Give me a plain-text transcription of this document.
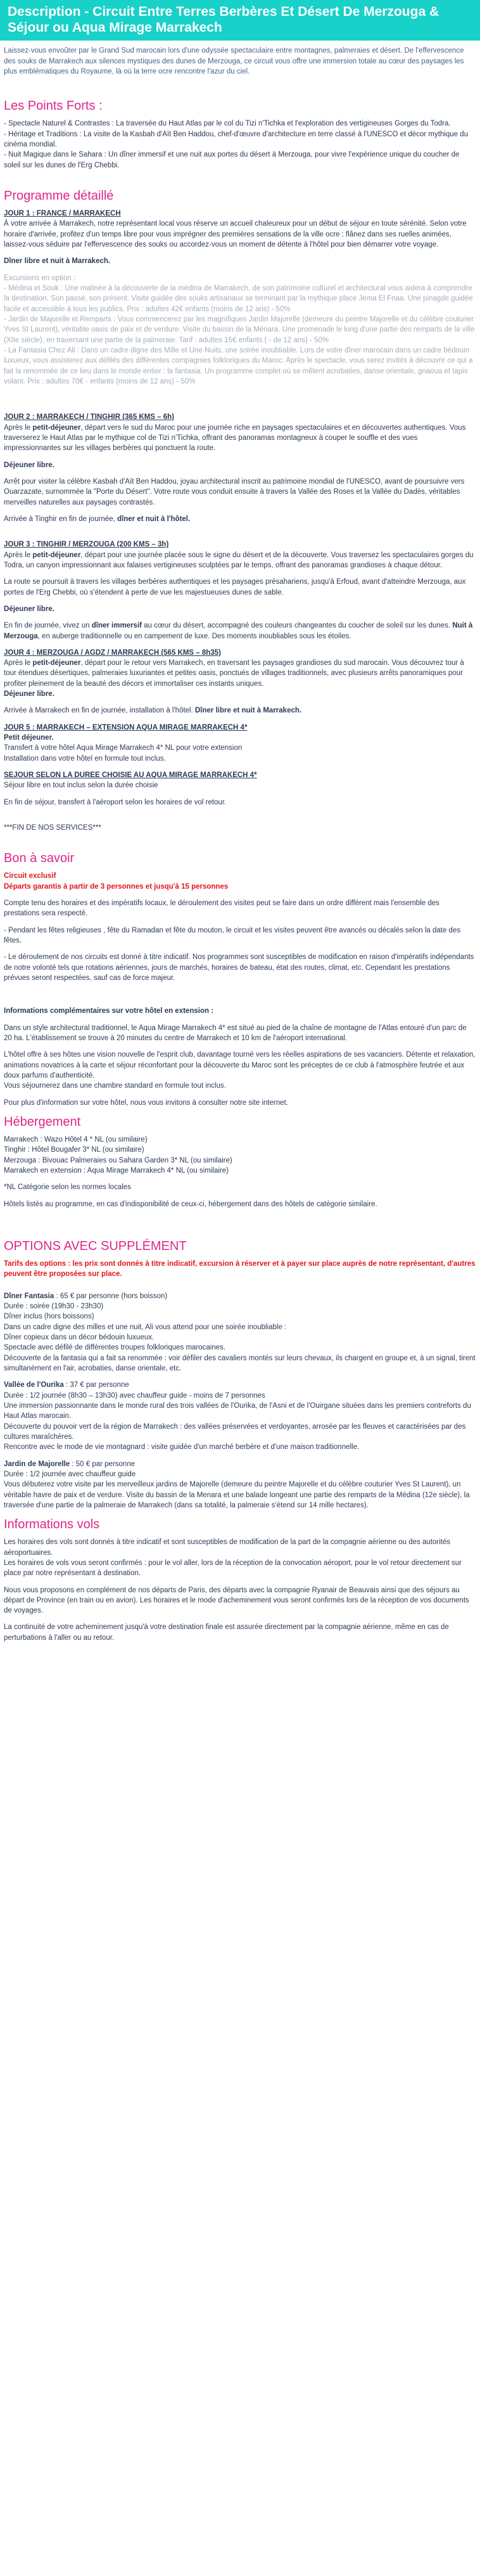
Description - Circuit Entre Terres Berbères Et Désert De Merzouga & Séjour ou Aqua Mirage Marrakech

Laissez-vous envoûter par le Grand Sud marocain lors d'une odyssée spectaculaire entre montagnes, palmeraies et désert. De l'effervescence des souks de Marrakech aux silences mystiques des dunes de Merzouga, ce circuit vous offre une immersion totale au cœur des paysages les plus emblématiques du Royaume, là où la terre ocre rencontre l'azur du ciel.

Les Points Forts :

- Spectacle Naturel & Contrastes : La traversée du Haut Atlas par le col du Tizi n'Tichka et l'exploration des vertigineuses Gorges du Todra.
- Héritage et Traditions : La visite de la Kasbah d'Aït Ben Haddou, chef-d'œuvre d'architecture en terre classé à l'UNESCO et décor mythique du cinéma mondial.
- Nuit Magique dans le Sahara : Un dîner immersif et une nuit aux portes du désert à Merzouga, pour vivre l'expérience unique du coucher de soleil sur les dunes de l'Erg Chebbi.

Programme détaillé
JOUR 1 : FRANCE / MARRAKECH

À votre arrivée à Marrakech, notre représentant local vous réserve un accueil chaleureux pour un début de séjour en toute sérénité. Selon votre horaire d'arrivée, profitez d'un temps libre pour vous imprégner des premières sensations de la ville ocre : flânez dans ses ruelles animées, laissez-vous séduire par l'effervescence des souks ou accordez-vous un moment de détente à l'hôtel pour bien démarrer votre voyage.

Dîner libre et nuit à Marrakech.

Excursions en option :
- Médina et Souk : Une matinée à la découverte de la médina de Marrakech, de son patrimoine culturel et architectural vous aidera à comprendre la destination. Son passé, son présent. Visite guidée des souks artisanaux se terminant par la mythique place Jema El Fnaa. Une pinagde guidée facile et accessible à tous les publics. Prix : adultes 42€ enfants (moins de 12 ans) - 50%
- Jardin de Majorelle et Remparts : Vous commencerez par les magnifiques Jardin Majorelle (demeure du peintre Majorelle et du célèbre couturier Yves St Laurent), véritable oasis de paix et de verdure. Visite du bassin de la Ménara. Une promenade le long d'une partie des remparts de la ville (XIIe siècle), en traversant une partie de la palmeraie. Tarif : adultes 15€ enfants ( - de 12 ans) - 50%
- La Fantasia Chez Ali : Dans un cadre digne des Mille et Une Nuits, une soirée inoubliable. Lors de votre dîner marocain dans un cadre bédouin luxueux, vous assisterez aux défilés des différentes compagnies folkloriques du Maroc. Après le spectacle, vous serez invités à découvrir ce qui a fait la renommée de ce lieu dans le monde entier : la fantasia. Un programme complet où se mêlent acrobaties, danse orientale, gnaoua et tapis volant. Prix : adultes 70€ - enfants (moins de 12 ans) - 50%
JOUR 2 : MARRAKECH / TINGHIR (365 KMS – 6h)

Après le petit-déjeuner, départ vers le sud du Maroc pour une journée riche en paysages spectaculaires et en découvertes authentiques. Vous traverserez le Haut Atlas par le mythique col de Tizi n'Tichka, offrant des panoramas montagneux à couper le souffle et des vues impressionnantes sur les villages berbères qui ponctuent la route.

Déjeuner libre.

Arrêt pour visiter la célèbre Kasbah d'Aït Ben Haddou, joyau architectural inscrit au patrimoine mondial de l'UNESCO, avant de poursuivre vers Ouarzazate, surnommée la "Porte du Désert". Votre route vous conduit ensuite à travers la Vallée des Roses et la Vallée du Dadès, véritables merveilles naturelles aux paysages contrastés.

Arrivée à Tinghir en fin de journée, dîner et nuit à l'hôtel.

JOUR 3 : TINGHIR / MERZOUGA (200 KMS – 3h)

Après le petit-déjeuner, départ pour une journée placée sous le signe du désert et de la découverte. Vous traversez les spectaculaires gorges du Todra, un canyon impressionnant aux falaises vertigineuses sculptées par le temps, offrant des panoramas grandioses à chaque détour.

La route se poursuit à travers les villages berbères authentiques et les paysages présahariens, jusqu'à Erfoud, avant d'atteindre Merzouga, aux portes de l'Erg Chebbi, où s'étendent à perte de vue les majestueuses dunes de sable.

Déjeuner libre.

En fin de journée, vivez un dîner immersif au cœur du désert, accompagné des couleurs changeantes du coucher de soleil sur les dunes. Nuit à Merzouga, en auberge traditionnelle ou en campement de luxe. Des moments inoubliables sous les étoiles.

JOUR 4 : MERZOUGA / AGDZ / MARRAKECH (565 KMS – 8h35)

Après le petit-déjeuner, départ pour le retour vers Marrakech, en traversant les paysages grandioses du sud marocain. Vous découvrez tour à tour étendues désertiques, palmeraies luxuriantes et petites oasis, ponctués de villages traditionnels, avec plusieurs arrêts panoramiques pour profiter pleinement de la beauté des décors et immortaliser ces instants uniques.

Déjeuner libre.

Arrivée à Marrakech en fin de journée, installation à l'hôtel. Dîner libre et nuit à Marrakech.

JOUR 5 : MARRAKECH – EXTENSION AQUA MIRAGE MARRAKECH 4*
Petit déjeuner.

Transfert à votre hôtel Aqua Mirage Marrakech 4* NL pour votre extension
Installation dans votre hôtel en formule tout inclus.

SEJOUR SELON LA DUREE CHOISIE AU AQUA MIRAGE MARRAKECH 4*

Séjour libre en tout inclus selon la durée choisie

En fin de séjour, transfert à l'aéroport selon les horaires de vol retour.

***FIN DE NOS SERVICES***

Bon à savoir
Circuit exclusif

Départs garantis à partir de 3 personnes et jusqu'à 15 personnes

Compte tenu des horaires et des impératifs locaux, le déroulement des visites peut se faire dans un ordre différent mais l'ensemble des prestations sera respecté.

- Pendant les fêtes religieuses , fête du Ramadan et fête du mouton, le circuit et les visites peuvent être avancés ou décalés selon la date des fêtes.

- Le déroulement de nos circuits est donné à titre indicatif. Nos programmes sont susceptibles de modification en raison d'impératifs indépendants de notre volonté tels que rotations aériennes, jours de marchés, horaires de bateau, état des routes, climat, etc. Cependant les prestations prévues seront respectées, sauf cas de force majeur.

Informations complémentaires sur votre hôtel en extension :

Dans un style architectural traditionnel, le Aqua Mirage Marrakech 4* est situé au pied de la chaîne de montagne de l'Atlas entouré d'un parc de 20 ha. L'établissement se trouve à 20 minutes du centre de Marrakech et 10 km de l'aéroport international.

L'hôtel offre à ses hôtes une vision nouvelle de l'esprit club, davantage tourné vers les réelles aspirations de ses vacanciers. Détente et relaxation, animations novatrices à la carte et séjour réconfortant pour la découverte du Maroc sont les préceptes de ce club à l'atmosphère feutrée et aux doux parfums d'authenticité.
Vous séjournerez dans une chambre standard en formule tout inclus.

Pour plus d'information sur votre hôtel, nous vous invitons à consulter notre site internet.

Hébergement

Marrakech : Wazo Hôtel 4 * NL (ou similaire)
Tinghir : Hôtel Bougafer 3* NL (ou similaire)
Merzouga : Bivouac Palmeraies ou Sahara Garden 3* NL (ou similaire)
Marrakech en extension : Aqua Mirage Marrakech 4* NL (ou similaire)

*NL Catégorie selon les normes locales

Hôtels listés au programme, en cas d'indisponibilité de ceux-ci, hébergement dans des hôtels de catégorie similaire.

OPTIONS AVEC SUPPLÉMENT

Tarifs des options : les prix sont donnés à titre indicatif, excursion à réserver et à payer sur place auprès de notre représentant, d'autres peuvent être proposées sur place.

Dîner Fantasia : 65 € par personne (hors boisson)

Durée : soirée (19h30 - 23h30)
Dîner inclus (hors boissons)
Dans un cadre digne des milles et une nuit, Ali vous attend pour une soirée inoubliable :
Dîner copieux dans un décor bédouin luxueux.
Spectacle avec défilé de différentes troupes folkloriques marocaines.
Découverte de la fantasia qui a fait sa renommée : voir défiler des cavaliers montés sur leurs chevaux, ils chargent en groupe et, à un signal, tirent simultanément en l'air, acrobaties, danse orientale, etc.

Vallée de l'Ourika : 37 € par personne

Durée : 1/2 journée (8h30 – 13h30) avec chauffeur guide - moins de 7 personnes
Une immersion passionnante dans le monde rural des trois vallées de l'Ourika, de l'Asni et de l'Ouirgane situées dans les premiers contreforts du Haut Atlas marocain.
Découverte du pouvoir vert de la région de Marrakech : des vallées préservées et verdoyantes, arrosée par les fleuves et caractérisées par des cultures maraîchères.
Rencontre avec le mode de vie montagnard : visite guidée d'un marché berbère et d'une maison traditionnelle.

Jardin de Majorelle : 50 € par personne

Durée : 1/2 journée avec chauffeur guide
Vous débuterez votre visite par les merveilleux jardins de Majorelle (demeure du peintre Majorelle et du célèbre couturier Yves St Laurent), un véritable havre de paix et de verdure. Visite du bassin de la Menara et une balade longeant une partie des remparts de la Médina (12e siècle), la traversée d'une partie de la palmeraie de Marrakech (dans sa totalité, la palmeraie s'étend sur 14 mille hectares).

Informations vols

Les horaires des vols sont donnés à titre indicatif et sont susceptibles de modification de la part de la compagnie aérienne ou des autorités aéroportuaires.
Les horaires de vols vous seront confirmés : pour le vol aller, lors de la réception de la convocation aéroport, pour le vol retour directement sur place par notre représentant à destination.

Nous vous proposons en complément de nos départs de Paris, des départs avec la compagnie Ryanair de Beauvais ainsi que des séjours au départ de Province (en train ou en avion). Les horaires et le mode d'acheminement vous seront confirmés lors de la réception de vos documents de voyages.

La continuité de votre acheminement jusqu'à votre destination finale est assurée directement par la compagnie aérienne, même en cas de perturbations à l'aller ou au retour.
